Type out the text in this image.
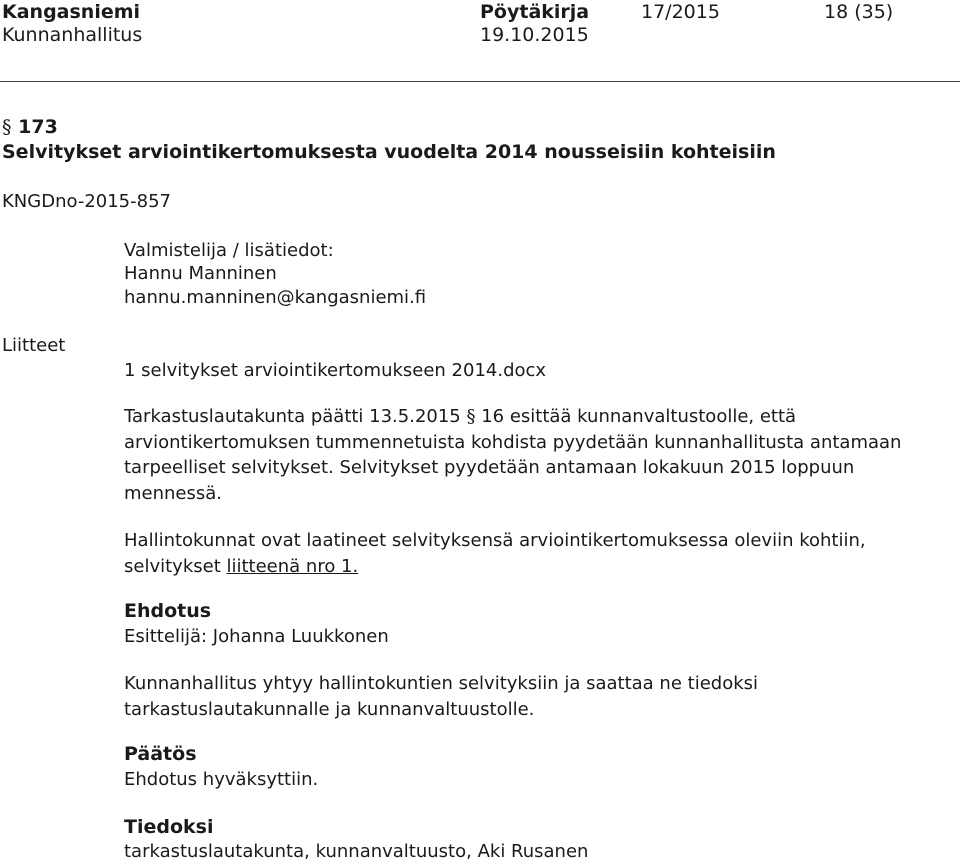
Kangasniemi	Pöytäkirja	17/2015	18 (35)
Kunnanhallitus	19.10.2015
§ 173
Selvitykset arviointikertomuksesta vuodelta 2014 nousseisiin kohteisiin
KNGDno-2015-857
Valmistelija / lisätiedot:
Hannu Manninen
hannu.manninen@kangasniemi.fi
Liitteet
1 selvitykset arviointikertomukseen 2014.docx
Tarkastuslautakunta päätti 13.5.2015 § 16 esittää kunnanvaltustoolle, että arviontikertomuksen tummennetuista kohdista pyydetään kunnanhallitusta antamaan tarpeelliset selvitykset. Selvitykset pyydetään antamaan lokakuun 2015 loppuun mennessä.
Hallintokunnat ovat laatineet selvityksensä arviointikertomuksessa oleviin kohtiin, selvitykset liitteenä nro 1.
Ehdotus
Esittelijä: Johanna Luukkonen
Kunnanhallitus yhtyy hallintokuntien selvityksiin ja saattaa ne tiedoksi tarkastuslautakunnalle ja kunnanvaltuustolle.
Päätös
Ehdotus hyväksyttiin.
Tiedoksi
tarkastuslautakunta, kunnanvaltuusto, Aki Rusanen
